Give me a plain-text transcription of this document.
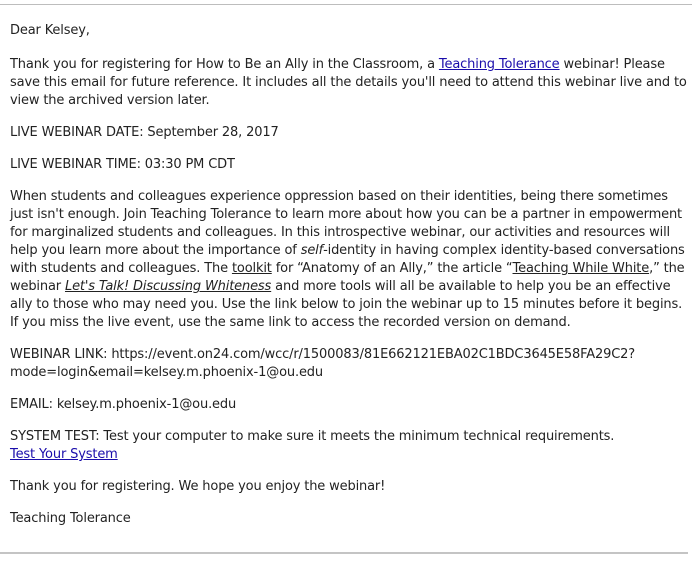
Dear Kelsey,

Thank you for registering for How to Be an Ally in the Classroom, a Teaching Tolerance webinar! Please save this email for future reference. It includes all the details you'll need to attend this webinar live and to view the archived version later.

LIVE WEBINAR DATE: September 28, 2017

LIVE WEBINAR TIME: 03:30 PM CDT

When students and colleagues experience oppression based on their identities, being there sometimes just isn't enough. Join Teaching Tolerance to learn more about how you can be a partner in empowerment for marginalized students and colleagues. In this introspective webinar, our activities and resources will help you learn more about the importance of self-identity in having complex identity-based conversations with students and colleagues. The toolkit for “Anatomy of an Ally,” the article “Teaching While White,” the webinar Let's Talk! Discussing Whiteness and more tools will all be available to help you be an effective ally to those who may need you. Use the link below to join the webinar up to 15 minutes before it begins. If you miss the live event, use the same link to access the recorded version on demand.

WEBINAR LINK: https://event.on24.com/wcc/r/1500083/81E662121EBA02C1BDC3645E58FA29C2?
mode=login&email=kelsey.m.phoenix-1@ou.edu

EMAIL: kelsey.m.phoenix-1@ou.edu

SYSTEM TEST: Test your computer to make sure it meets the minimum technical requirements.
Test Your System

Thank you for registering. We hope you enjoy the webinar!

Teaching Tolerance
